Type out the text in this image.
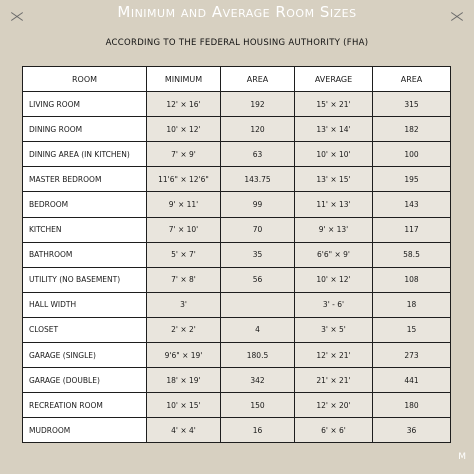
Minimum and Average Room Sizes
ACCORDING TO THE FEDERAL HOUSING AUTHORITY (FHA)
ROOM	MINIMUM	AREA	AVERAGE	AREA
LIVING ROOM	12' × 16'	192	15' × 21'	315
DINING ROOM	10' × 12'	120	13' × 14'	182
DINING AREA (IN KITCHEN)	7' × 9'	63	10' × 10'	100
MASTER BEDROOM	11'6" × 12'6"	143.75	13' × 15'	195
BEDROOM	9' × 11'	99	11' × 13'	143
KITCHEN	7' × 10'	70	9' × 13'	117
BATHROOM	5' × 7'	35	6'6" × 9'	58.5
UTILITY (NO BASEMENT)	7' × 8'	56	10' × 12'	108
HALL WIDTH	3'		3' - 6'	18
CLOSET	2' × 2'	4	3' × 5'	15
GARAGE (SINGLE)	9'6" × 19'	180.5	12' × 21'	273
GARAGE (DOUBLE)	18' × 19'	342	21' × 21'	441
RECREATION ROOM	10' × 15'	150	12' × 20'	180
MUDROOM	4' × 4'	16	6' × 6'	36
M
